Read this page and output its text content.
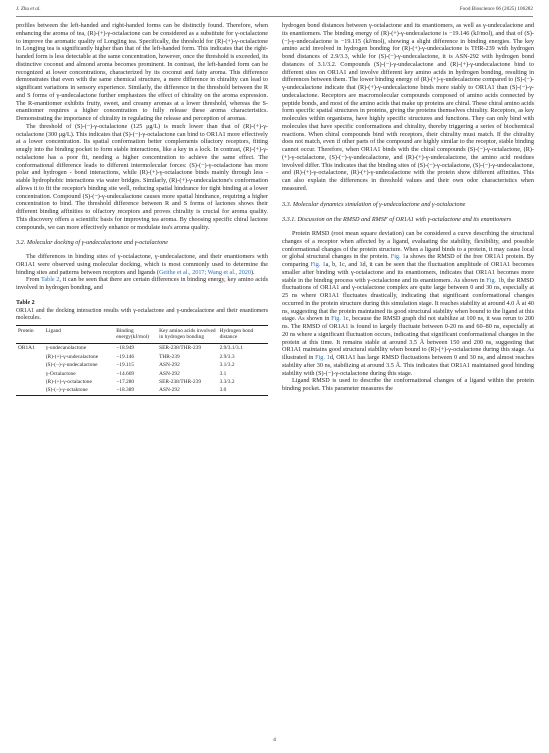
J. Zhu et al.	Food Bioscience 66 (2025) 106282

profiles between the left-handed and right-handed forms can be distinctly found. Therefore, when enhancing the aroma of tea, (R)-(+)-γ-octalactone can be considered as a substitute for γ-octalactone to improve the aromatic quality of Longjing tea. Specifically, the threshold for (R)-(+)-γ-octalactone in Longjing tea is significantly higher than that of the left-handed form. This indicates that the right-handed form is less detectable at the same concentration, however, once the threshold is exceeded, its distinctive coconut and almond aroma becomes prominent. In contrast, the left-handed form can be recognized at lower concentrations, characterized by its coconut and fatty aroma. This difference demonstrates that even with the same chemical structure, a mere difference in chirality can lead to significant variations in sensory experience. Similarly, the difference in the threshold between the R and S forms of γ-undecalactone further emphasizes the effect of chirality on the aroma expression. The R-enantiomer exhibits fruity, sweet, and creamy aromas at a lower threshold, whereas the S-enantiomer requires a higher concentration to fully release these aroma characteristics. Demonstrating the importance of chirality in regulating the release and perception of aromas.

The threshold of (S)-(−)-γ-octalactone (125 μg/L) is much lower than that of (R)-(+)-γ-octalactone (300 μg/L). This indicates that (S)-(−)-γ-octalactone can bind to OR1A1 more effectively at a lower concentration. Its spatial conformation better complements olfactory receptors, fitting snugly into the binding pocket to form stable interactions, like a key in a lock. In contrast, (R)-(+)-γ-octalactone has a poor fit, needing a higher concentration to achieve the same effect. The conformational difference leads to different intermolecular forces: (S)-(−)-γ-octalactone has more polar and hydrogen - bond interactions, while (R)-(+)-γ-octalactone binds mainly through less - stable hydrophobic interactions via water bridges. Similarly, (R)-(+)-γ-undecalactone's conformation allows it to fit the receptor's binding site well, reducing spatial hindrance for tight binding at a lower concentration. Compound (S)-(−)-γ-undecalactone causes more spatial hindrance, requiring a higher concentration to bind. The threshold difference between R and S forms of lactones shows their different binding affinities to olfactory receptors and proves chirality is crucial for aroma quality. This discovery offers a scientific basis for improving tea aroma. By choosing specific chiral lactone compounds, we can more effectively enhance or modulate tea's aroma quality.

3.2. Molecular docking of γ-undecalactone and γ-octalactone

The differences in binding sites of γ-octalactone, γ-undecalactone, and their enantiomers with OR1A1 were observed using molecular docking, which is most commonly used to determine the binding sites and patterns between receptors and ligands (Geithe et al., 2017; Wang et al., 2020).

From Table 2, it can be seen that there are certain differences in binding energy, key amino acids involved in hydrogen bonding, and

Table 2
OR1A1 and the docking interaction results with γ-octalactone and γ-undecalactone and their enantiomers molecules.
Protein	Ligand	Binding energy(kJ/mol)	Key amino acids involved in hydrogen bonding	Hydrogen bond distance
OR1A1	γ-undecanolactone	−18.949	SER-238/THR-239	2.9/3.1/3.1
	(R)-(+)-γ-undecalactone	−19.146	THR-239	2.9/3.3
	(S)-(−)-γ-undecalactone	−19.115	ASN-292	3.1/3.2
	γ-Octalactone	−14.669	ASN-292	3.1
	(R)-(+)-γ-octalactone	−17.280	SER-238/THR-239	3.3/3.2
	(S)-(−)-γ-octaktone	−18.389	ASN-292	3.0

hydrogen bond distances between γ-octalactone and its enantiomers, as well as γ-undecalactone and its enantiomers. The binding energy of (R)-(+)-γ-undecalactone is −19.146 (kJ/mol), and that of (S)-(−)-γ-undecalactone is −19.115 (kJ/mol), showing a slight difference in binding energies. The key amino acid involved in hydrogen bonding for (R)-(+)-γ-undecalactone is THR-239 with hydrogen bond distances of 2.9/3.3, while for (S)-(−)-γ-undecalactone, it is ASN-292 with hydrogen bond distances of 3.1/3.2. Compounds (S)-(−)-γ-undecalactone and (R)-(+)-γ-undecalactone bind to different sites on OR1A1 and involve different key amino acids in hydrogen bonding, resulting in differences between them. The lower binding energy of (R)-(+)-γ-undecalactone compared to (S)-(−)-γ-undecalactone indicate that (R)-(+)-γ-undecalactone binds more stably to OR1A1 than (S)-(−)-γ-undecalactone. Receptors are macromolecular compounds composed of amino acids connected by peptide bonds, and most of the amino acids that make up proteins are chiral. These chiral amino acids form specific spatial structures in proteins, giving the proteins themselves chirality. Receptors, as key molecules within organisms, have highly specific structures and functions. They can only bind with molecules that have specific conformations and chirality, thereby triggering a series of biochemical reactions. When chiral compounds bind with receptors, their chirality must match. If the chirality does not match, even if other parts of the compound are highly similar to the receptor, stable binding cannot occur. Therefore, when OR1A1 binds with the chiral compounds (S)-(−)-γ-octalactone, (R)-(+)-γ-octalactone, (S)-(−)-γ-undecalactone, and (R)-(+)-γ-undecalactone, the amino acid residues involved differ. This indicates that the binding sites of (S)-(−)-γ-octalactone, (S)-(−)-γ-undecalactone, and (R)-(+)-γ-octalactone, (R)-(+)-γ-undecalactone with the protein show different affinities. This can also explain the differences in threshold values and their own odor characteristics when measured.

3.3. Molecular dynamics simulation of γ-undecalactone and γ-octalactone
3.3.1. Discussion on the RMSD and RMSF of OR1A1 with γ-octalactone and its enantiomers

Protein RMSD (root mean square deviation) can be considered a curve describing the structural changes of a receptor when affected by a ligand, evaluating the stability, flexibility, and possible conformational changes of the protein structure. When a ligand binds to a protein, it may cause local or global structural changes in the protein. Fig. 1a shows the RMSD of the free OR1A1 protein. By comparing Fig. 1a, b, 1c, and 1d, it can be seen that the fluctuation amplitude of OR1A1 becomes smaller after binding with γ-octalactone and its enantiomers, indicates that OR1A1 becomes more stable in the binding process with γ-octalactone and its enantiomers. As shown in Fig. 1b, the RMSD fluctuations of OR1A1 and γ-octalactone complex are quite large between 0 and 30 ns, especially at 25 ns where OR1A1 fluctuates drastically, indicating that significant conformational changes occurred in the protein structure during this simulation stage. It reaches stability at around 4.0 Å at 40 ns, suggesting that the protein maintained its good structural stability when bound to the ligand at this stage. As shown in Fig. 1c, because the RMSD graph did not stabilize at 100 ns, it was rerun to 200 ns. The RMSD of OR1A1 is found to largely fluctuate between 0-20 ns and 60–80 ns, especially at 20 ns where a significant fluctuation occurs, indicating that significant conformational changes in the protein at this time. It remains stable at around 3.5 Å between 150 and 200 ns, suggesting that OR1A1 maintains good structural stability when bound to (R)-(+)-γ-octalactone during this stage. As illustrated in Fig. 1d, OR1A1 has large RMSD fluctuations between 0 and 30 ns, and almost reaches stability after 30 ns, stabilizing at around 3.5 Å. This indicates that OR1A1 maintained good binding stability with (S)-(−)-γ-octalactone during this stage.

Ligand RMSD is used to describe the conformational changes of a ligand within the protein binding pocket. This parameter measures the

4
